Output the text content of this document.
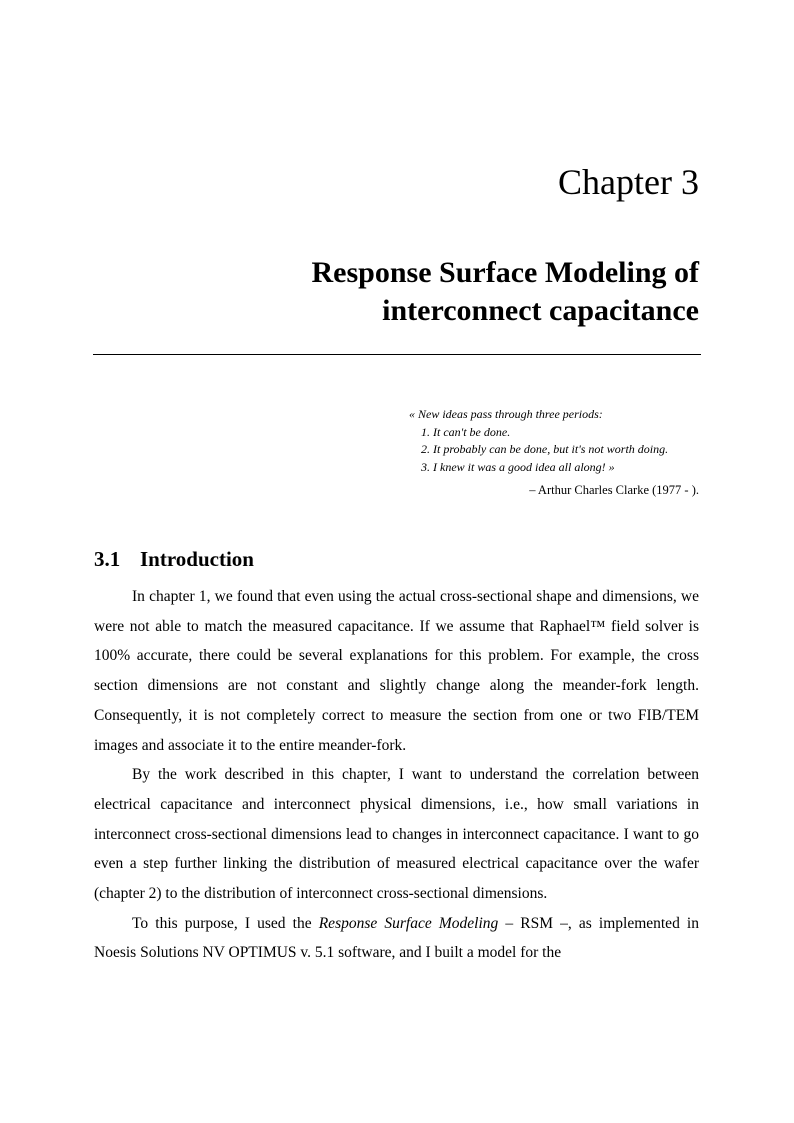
Chapter 3
Response Surface Modeling of
interconnect capacitance
« New ideas pass through three periods:
1. It can't be done.
2. It probably can be done, but it's not worth doing.
3. I knew it was a good idea all along! »
– Arthur Charles Clarke (1977 - ).
3.1 Introduction

In chapter 1, we found that even using the actual cross-sectional shape and dimensions, we were not able to match the measured capacitance. If we assume that Raphael™ field solver is 100% accurate, there could be several explanations for this problem. For example, the cross section dimensions are not constant and slightly change along the meander-fork length. Consequently, it is not completely correct to measure the section from one or two FIB/TEM images and associate it to the entire meander-fork.

By the work described in this chapter, I want to understand the correlation between electrical capacitance and interconnect physical dimensions, i.e., how small variations in interconnect cross-sectional dimensions lead to changes in interconnect capacitance. I want to go even a step further linking the distribution of measured electrical capacitance over the wafer (chapter 2) to the distribution of interconnect cross-sectional dimensions.

To this purpose, I used the Response Surface Modeling – RSM –, as implemented in Noesis Solutions NV OPTIMUS v. 5.1 software, and I built a model for the
